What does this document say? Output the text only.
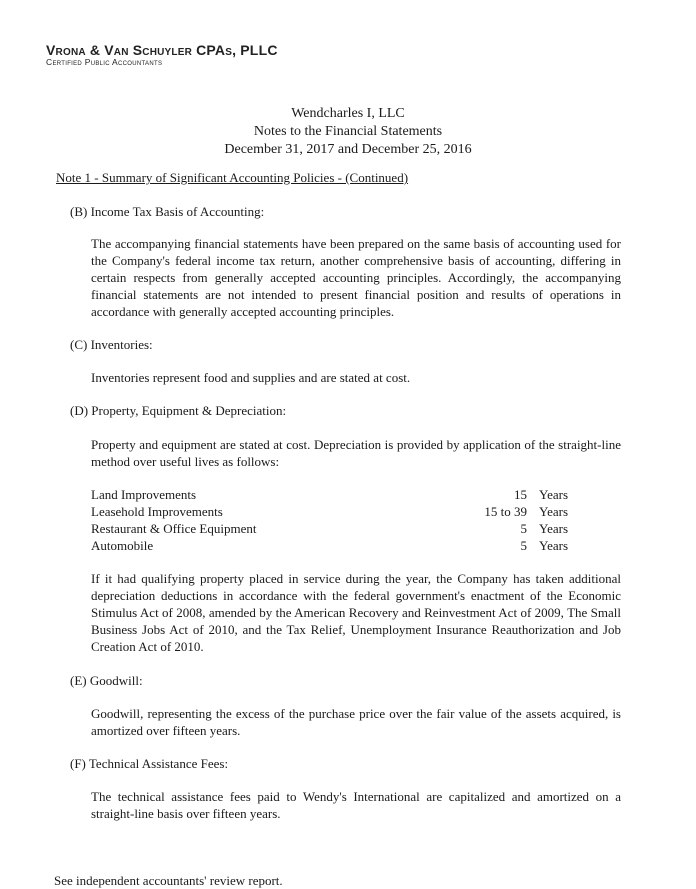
Vrona & Van Schuyler CPAs, PLLC
Certified Public Accountants
Wendcharles I, LLC
Notes to the Financial Statements
December 31, 2017 and December 25, 2016
Note 1 - Summary of Significant Accounting Policies - (Continued)
(B) Income Tax Basis of Accounting:
The accompanying financial statements have been prepared on the same basis of accounting used for the Company's federal income tax return, another comprehensive basis of accounting, differing in certain respects from generally accepted accounting principles. Accordingly, the accompanying financial statements are not intended to present financial position and results of operations in accordance with generally accepted accounting principles.
(C) Inventories:
Inventories represent food and supplies and are stated at cost.
(D) Property, Equipment & Depreciation:
Property and equipment are stated at cost. Depreciation is provided by application of the straight-line method over useful lives as follows:
Land Improvements	15	Years
Leasehold Improvements	15 to 39	Years
Restaurant & Office Equipment	5	Years
Automobile	5	Years
If it had qualifying property placed in service during the year, the Company has taken additional depreciation deductions in accordance with the federal government's enactment of the Economic Stimulus Act of 2008, amended by the American Recovery and Reinvestment Act of 2009, The Small Business Jobs Act of 2010, and the Tax Relief, Unemployment Insurance Reauthorization and Job Creation Act of 2010.
(E) Goodwill:
Goodwill, representing the excess of the purchase price over the fair value of the assets acquired, is amortized over fifteen years.
(F) Technical Assistance Fees:
The technical assistance fees paid to Wendy's International are capitalized and amortized on a straight-line basis over fifteen years.
See independent accountants' review report.
